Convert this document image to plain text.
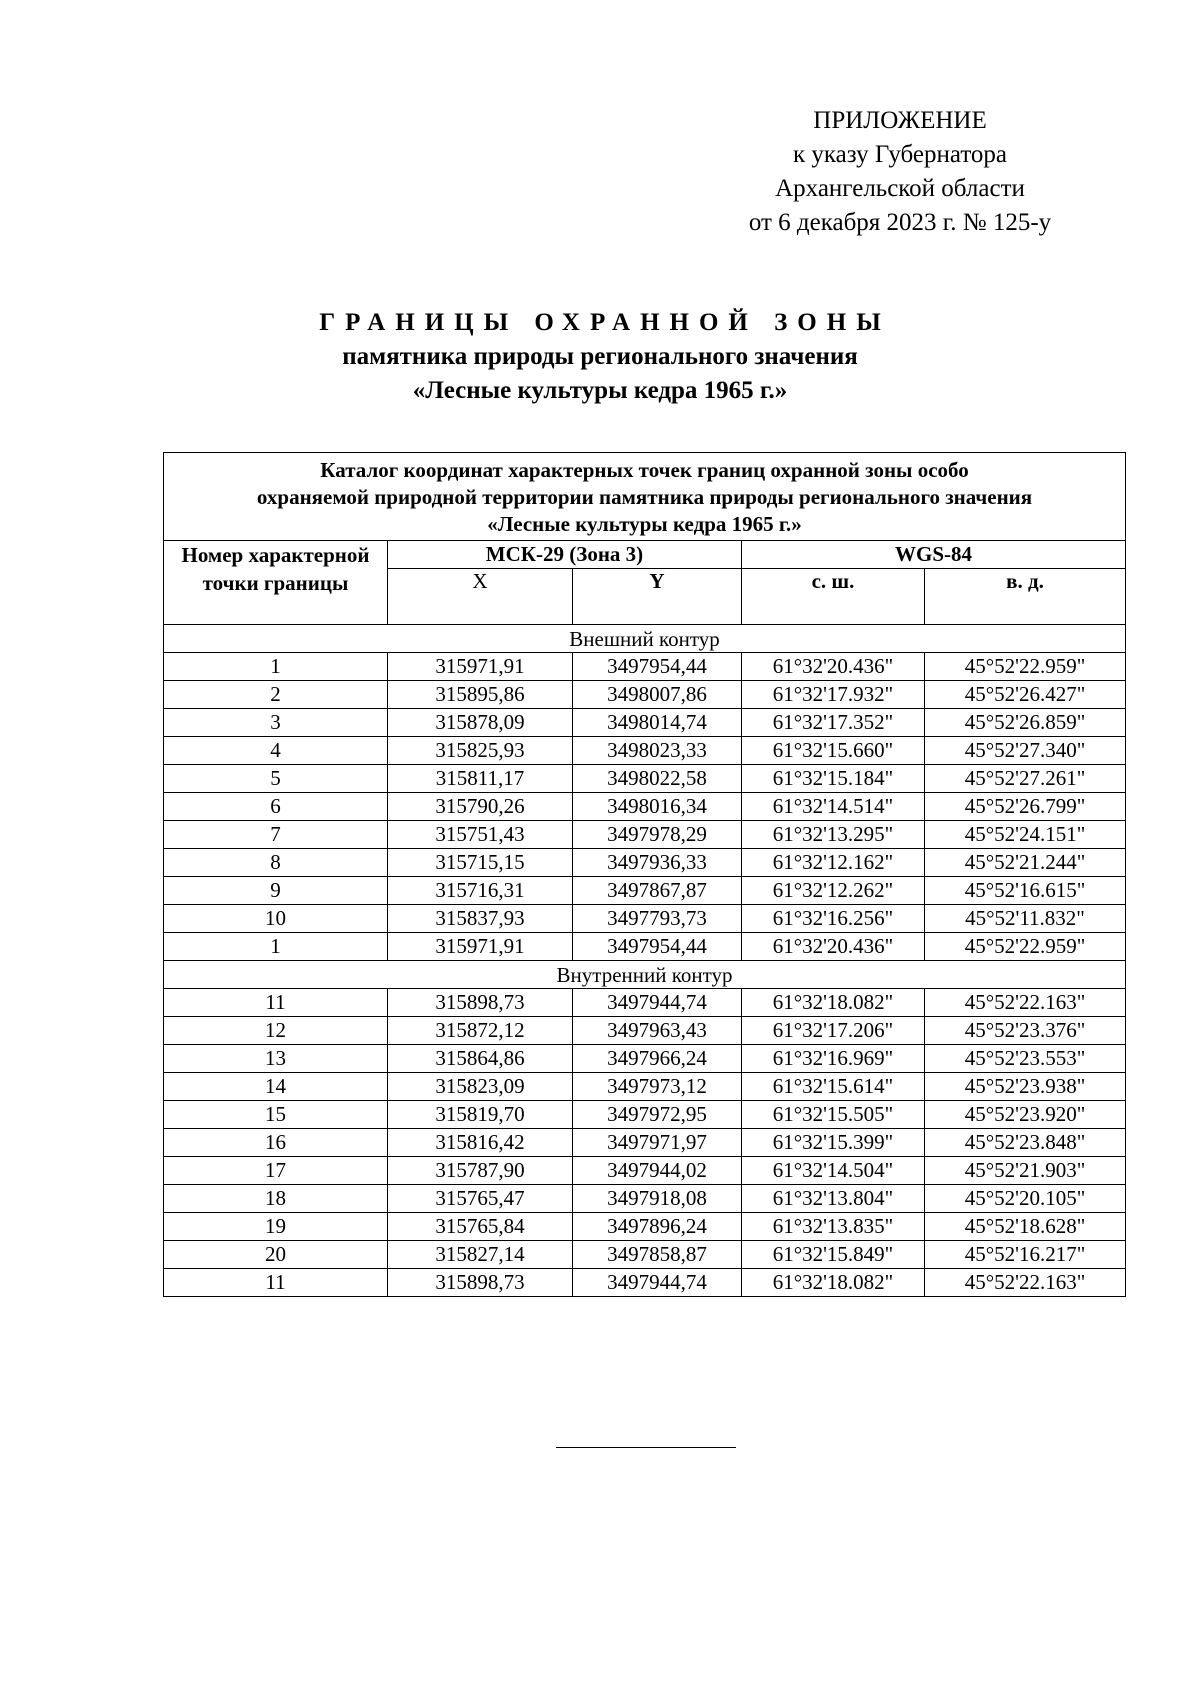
ПРИЛОЖЕНИЕ
к указу Губернатора
Архангельской области
от 6 декабря 2023 г. № 125-у
ГРАНИЦЫ ОХРАННОЙ ЗОНЫ
памятника природы регионального значения
«Лесные культуры кедра 1965 г.»
Каталог координат характерных точек границ охранной зоны особо
охраняемой природной территории памятника природы регионального значения
«Лесные культуры кедра 1965 г.»				

Номер характерной точки границы	МСК-29 (Зона 3)		WGS-84	
	X	Y	с. ш.	в. д.
Внешний контур				
1	315971,91	3497954,44	61°32'20.436"	45°52'22.959"
2	315895,86	3498007,86	61°32'17.932"	45°52'26.427"
3	315878,09	3498014,74	61°32'17.352"	45°52'26.859"
4	315825,93	3498023,33	61°32'15.660"	45°52'27.340"
5	315811,17	3498022,58	61°32'15.184"	45°52'27.261"
6	315790,26	3498016,34	61°32'14.514"	45°52'26.799"
7	315751,43	3497978,29	61°32'13.295"	45°52'24.151"
8	315715,15	3497936,33	61°32'12.162"	45°52'21.244"
9	315716,31	3497867,87	61°32'12.262"	45°52'16.615"
10	315837,93	3497793,73	61°32'16.256"	45°52'11.832"
1	315971,91	3497954,44	61°32'20.436"	45°52'22.959"
Внутренний контур				
11	315898,73	3497944,74	61°32'18.082"	45°52'22.163"
12	315872,12	3497963,43	61°32'17.206"	45°52'23.376"
13	315864,86	3497966,24	61°32'16.969"	45°52'23.553"
14	315823,09	3497973,12	61°32'15.614"	45°52'23.938"
15	315819,70	3497972,95	61°32'15.505"	45°52'23.920"
16	315816,42	3497971,97	61°32'15.399"	45°52'23.848"
17	315787,90	3497944,02	61°32'14.504"	45°52'21.903"
18	315765,47	3497918,08	61°32'13.804"	45°52'20.105"
19	315765,84	3497896,24	61°32'13.835"	45°52'18.628"
20	315827,14	3497858,87	61°32'15.849"	45°52'16.217"
11	315898,73	3497944,74	61°32'18.082"	45°52'22.163"
